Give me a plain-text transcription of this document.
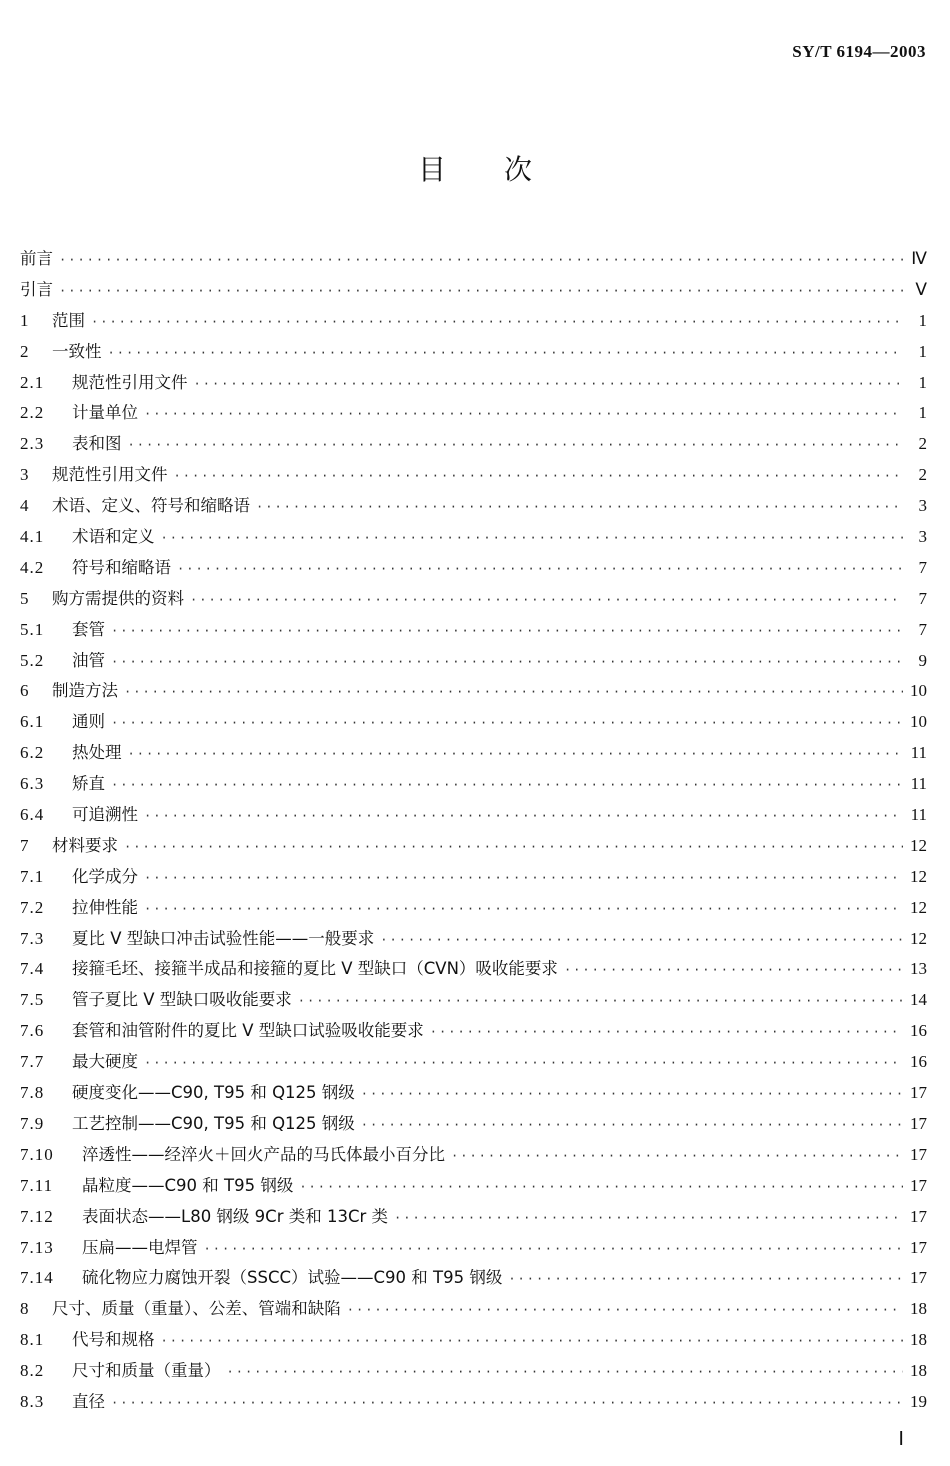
SY/T 6194—2003
目次
前言 ·····	Ⅳ
引言 ·····	Ⅴ
1	范围 ·····	1
2	一致性 ·····	1
2.1	规范性引用文件 ·····	1
2.2	计量单位 ·····	1
2.3	表和图 ·····	2
3	规范性引用文件 ·····	2
4	术语、定义、符号和缩略语 ·····	3
4.1	术语和定义 ·····	3
4.2	符号和缩略语 ·····	7
5	购方需提供的资料 ·····	7
5.1	套管 ·····	7
5.2	油管 ·····	9
6	制造方法 ·····	10
6.1	通则 ·····	10
6.2	热处理 ·····	11
6.3	矫直 ·····	11
6.4	可追溯性 ·····	11
7	材料要求 ·····	12
7.1	化学成分 ·····	12
7.2	拉伸性能 ·····	12
7.3	夏比 V 型缺口冲击试验性能——一般要求 ·····	12
7.4	接箍毛坯、接箍半成品和接箍的夏比 V 型缺口（CVN）吸收能要求 ·····	13
7.5	管子夏比 V 型缺口吸收能要求 ·····	14
7.6	套管和油管附件的夏比 V 型缺口试验吸收能要求 ·····	16
7.7	最大硬度 ·····	16
7.8	硬度变化——C90, T95 和 Q125 钢级 ·····	17
7.9	工艺控制——C90, T95 和 Q125 钢级 ·····	17
7.10	淬透性——经淬火＋回火产品的马氏体最小百分比 ·····	17
7.11	晶粒度——C90 和 T95 钢级 ·····	17
7.12	表面状态——L80 钢级 9Cr 类和 13Cr 类 ·····	17
7.13	压扁——电焊管 ·····	17
7.14	硫化物应力腐蚀开裂（SSCC）试验——C90 和 T95 钢级 ·····	17
8	尺寸、质量（重量）、公差、管端和缺陷 ·····	18
8.1	代号和规格 ·····	18
8.2	尺寸和质量（重量） ·····	18
8.3	直径 ·····	19
Ⅰ
